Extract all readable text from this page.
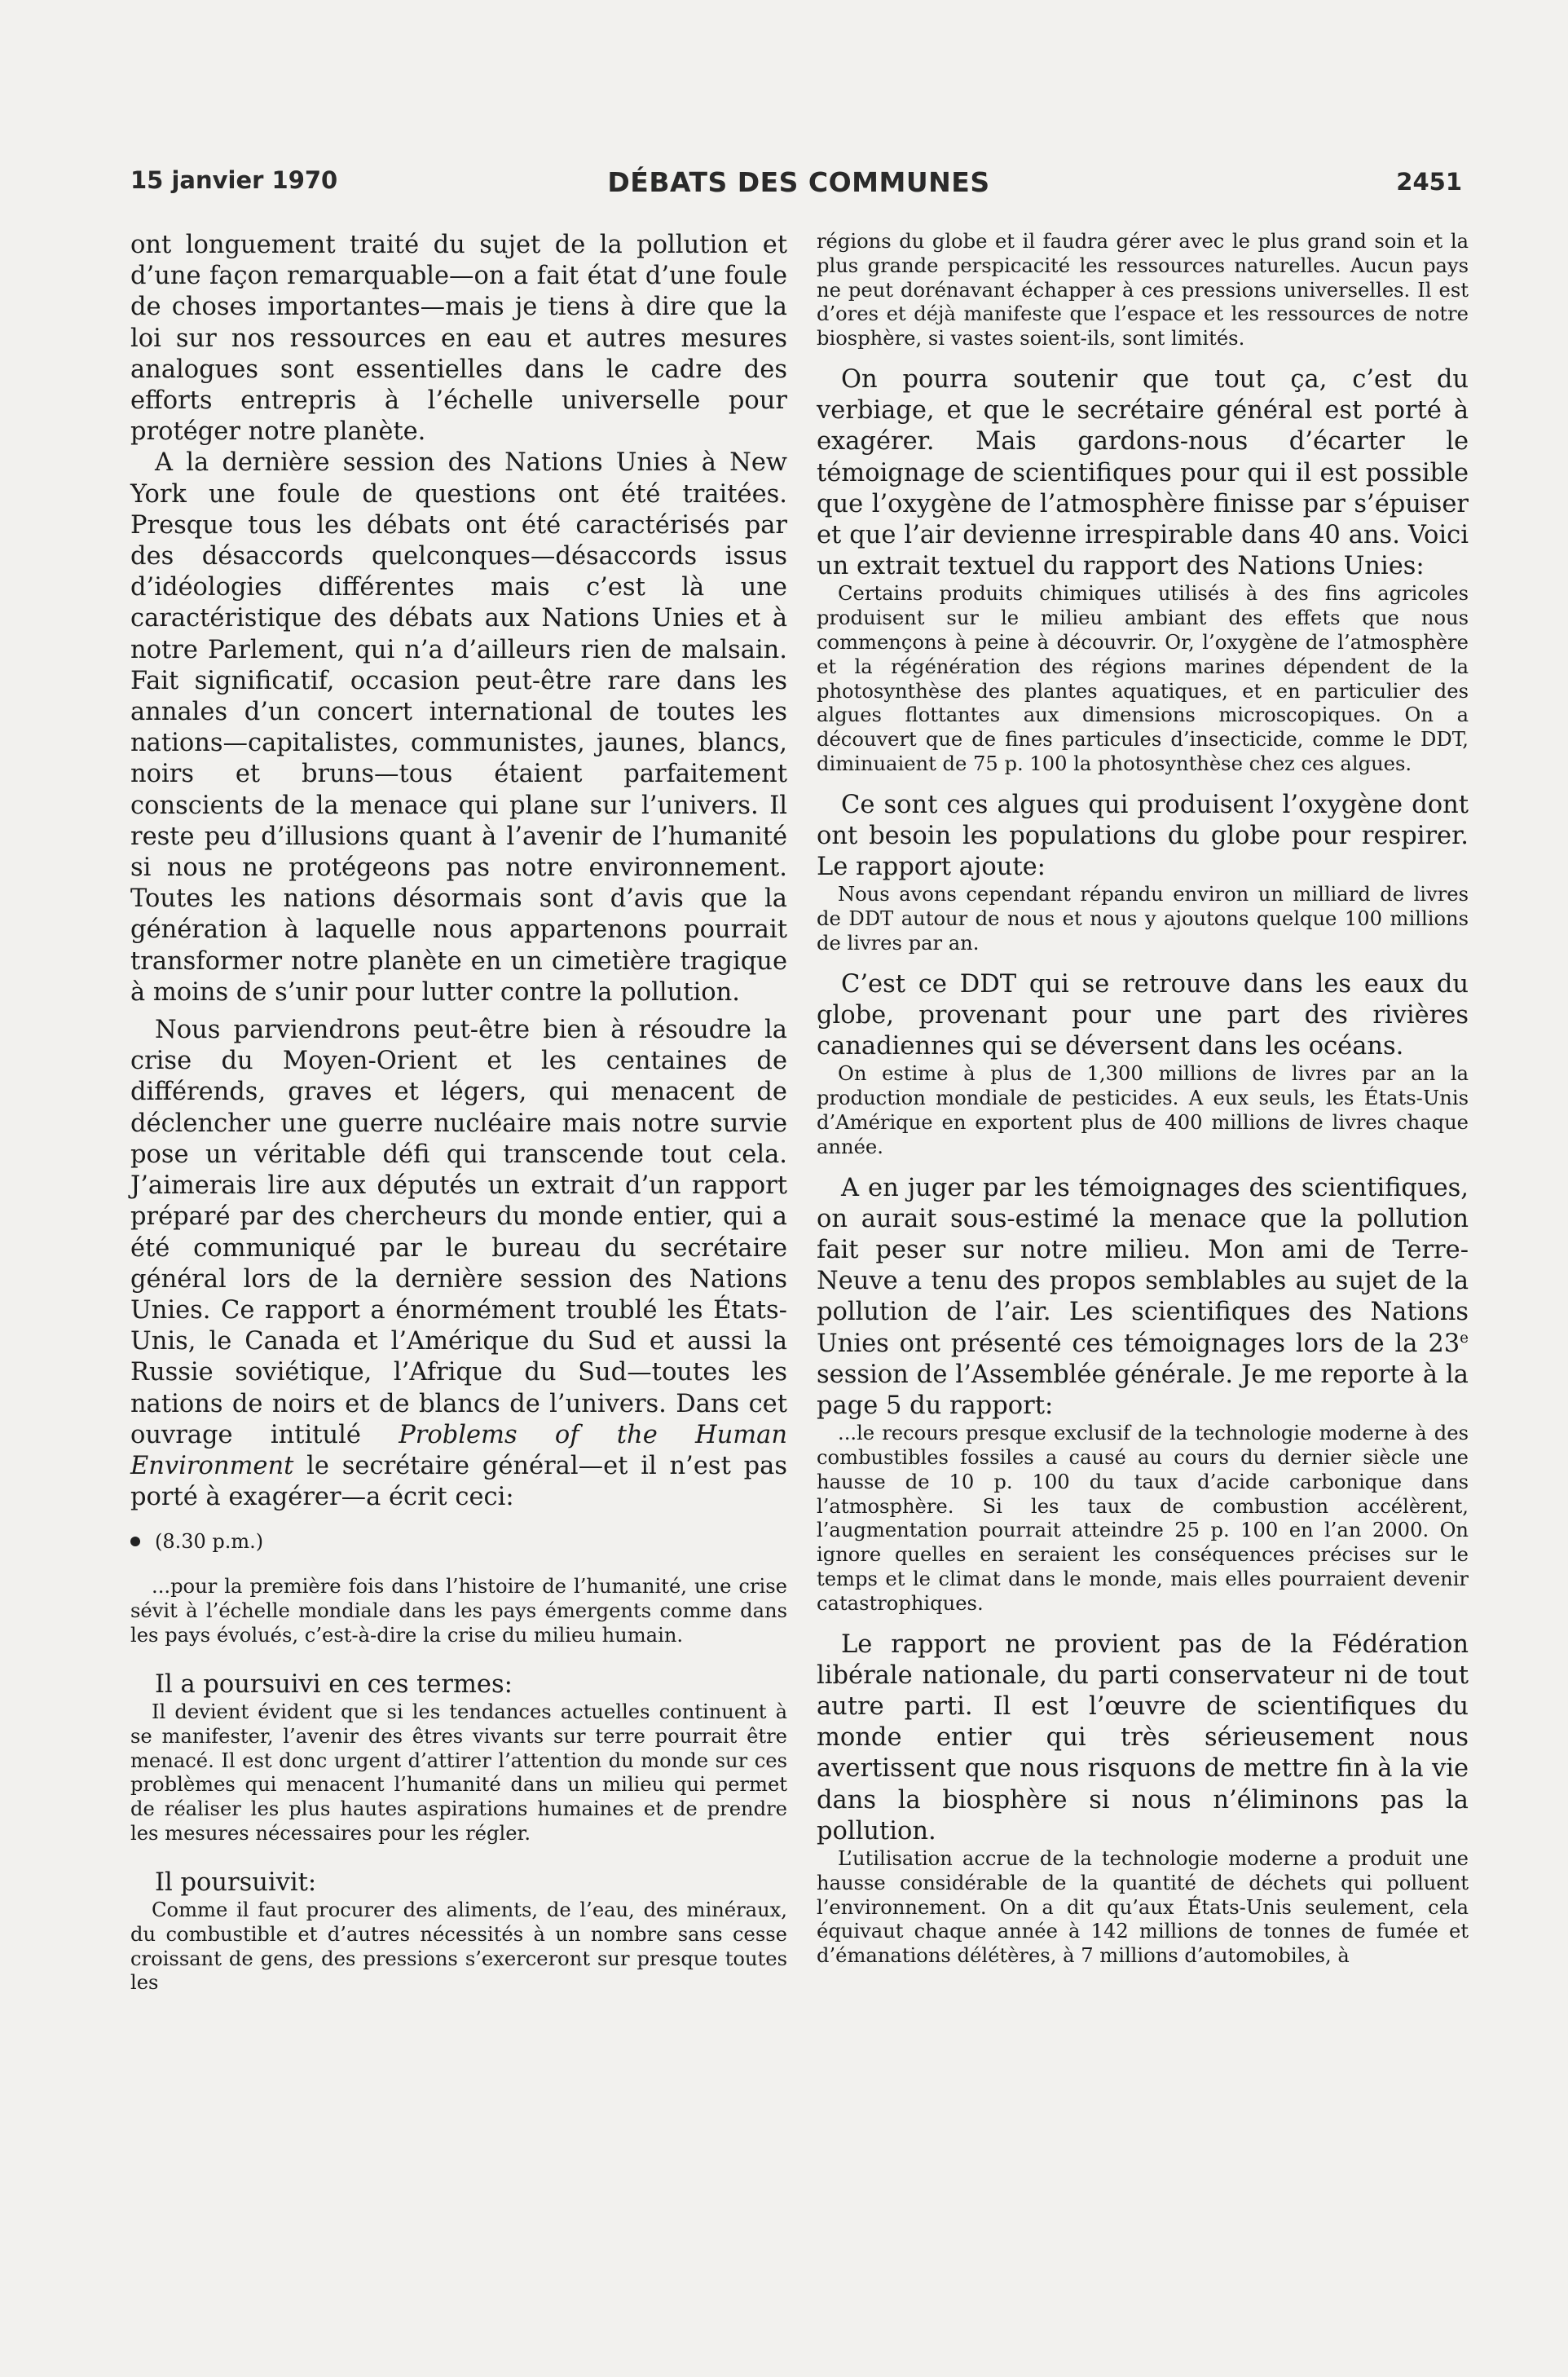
15 janvier 1970	DÉBATS DES COMMUNES	2451

ont longuement traité du sujet de la pollution et d’une façon remarquable—on a fait état d’une foule de choses importantes—mais je tiens à dire que la loi sur nos ressources en eau et autres mesures analogues sont essentielles dans le cadre des efforts entrepris à l’échelle universelle pour protéger notre planète.

A la dernière session des Nations Unies à New York une foule de questions ont été traitées. Presque tous les débats ont été caractérisés par des désaccords quelconques—désaccords issus d’idéologies différentes mais c’est là une caractéristique des débats aux Nations Unies et à notre Parlement, qui n’a d’ailleurs rien de malsain. Fait significatif, occasion peut-être rare dans les annales d’un concert international de toutes les nations—capitalistes, communistes, jaunes, blancs, noirs et bruns—tous étaient parfaitement conscients de la menace qui plane sur l’univers. Il reste peu d’illusions quant à l’avenir de l’humanité si nous ne protégeons pas notre environnement. Toutes les nations désormais sont d’avis que la génération à laquelle nous appartenons pourrait transformer notre planète en un cimetière tragique à moins de s’unir pour lutter contre la pollution.

Nous parviendrons peut-être bien à résoudre la crise du Moyen-Orient et les centaines de différends, graves et légers, qui menacent de déclencher une guerre nucléaire mais notre survie pose un véritable défi qui transcende tout cela. J’aimerais lire aux députés un extrait d’un rapport préparé par des chercheurs du monde entier, qui a été communiqué par le bureau du secrétaire général lors de la dernière session des Nations Unies. Ce rapport a énormément troublé les États-Unis, le Canada et l’Amérique du Sud et aussi la Russie soviétique, l’Afrique du Sud—toutes les nations de noirs et de blancs de l’univers. Dans cet ouvrage intitulé Problems of the Human Environment le secrétaire général—et il n’est pas porté à exagérer—a écrit ceci:

(8.30 p.m.)

...pour la première fois dans l’histoire de l’humanité, une crise sévit à l’échelle mondiale dans les pays émergents comme dans les pays évolués, c’est-à-dire la crise du milieu humain.

Il a poursuivi en ces termes:

Il devient évident que si les tendances actuelles continuent à se manifester, l’avenir des êtres vivants sur terre pourrait être menacé. Il est donc urgent d’attirer l’attention du monde sur ces problèmes qui menacent l’humanité dans un milieu qui permet de réaliser les plus hautes aspirations humaines et de prendre les mesures nécessaires pour les régler.

Il poursuivit:

Comme il faut procurer des aliments, de l’eau, des minéraux, du combustible et d’autres nécessités à un nombre sans cesse croissant de gens, des pressions s’exerceront sur presque toutes les

régions du globe et il faudra gérer avec le plus grand soin et la plus grande perspicacité les ressources naturelles. Aucun pays ne peut dorénavant échapper à ces pressions universelles. Il est d’ores et déjà manifeste que l’espace et les ressources de notre biosphère, si vastes soient-ils, sont limités.

On pourra soutenir que tout ça, c’est du verbiage, et que le secrétaire général est porté à exagérer. Mais gardons-nous d’écarter le témoignage de scientifiques pour qui il est possible que l’oxygène de l’atmosphère finisse par s’épuiser et que l’air devienne irrespirable dans 40 ans. Voici un extrait textuel du rapport des Nations Unies:

Certains produits chimiques utilisés à des fins agricoles produisent sur le milieu ambiant des effets que nous commençons à peine à découvrir. Or, l’oxygène de l’atmosphère et la régénération des régions marines dépendent de la photosynthèse des plantes aquatiques, et en particulier des algues flottantes aux dimensions microscopiques. On a découvert que de fines particules d’insecticide, comme le DDT, diminuaient de 75 p. 100 la photosynthèse chez ces algues.

Ce sont ces algues qui produisent l’oxygène dont ont besoin les populations du globe pour respirer. Le rapport ajoute:

Nous avons cependant répandu environ un milliard de livres de DDT autour de nous et nous y ajoutons quelque 100 millions de livres par an.

C’est ce DDT qui se retrouve dans les eaux du globe, provenant pour une part des rivières canadiennes qui se déversent dans les océans.

On estime à plus de 1,300 millions de livres par an la production mondiale de pesticides. A eux seuls, les États-Unis d’Amérique en exportent plus de 400 millions de livres chaque année.

A en juger par les témoignages des scientifiques, on aurait sous-estimé la menace que la pollution fait peser sur notre milieu. Mon ami de Terre-Neuve a tenu des propos semblables au sujet de la pollution de l’air. Les scientifiques des Nations Unies ont présenté ces témoignages lors de la 23e session de l’Assemblée générale. Je me reporte à la page 5 du rapport:

...le recours presque exclusif de la technologie moderne à des combustibles fossiles a causé au cours du dernier siècle une hausse de 10 p. 100 du taux d’acide carbonique dans l’atmosphère. Si les taux de combustion accélèrent, l’augmentation pourrait atteindre 25 p. 100 en l’an 2000. On ignore quelles en seraient les conséquences précises sur le temps et le climat dans le monde, mais elles pourraient devenir catastrophiques.

Le rapport ne provient pas de la Fédération libérale nationale, du parti conservateur ni de tout autre parti. Il est l’œuvre de scientifiques du monde entier qui très sérieusement nous avertissent que nous risquons de mettre fin à la vie dans la biosphère si nous n’éliminons pas la pollution.

L’utilisation accrue de la technologie moderne a produit une hausse considérable de la quantité de déchets qui polluent l’environnement. On a dit qu’aux États-Unis seulement, cela équivaut chaque année à 142 millions de tonnes de fumée et d’émanations délétères, à 7 millions d’automobiles, à
